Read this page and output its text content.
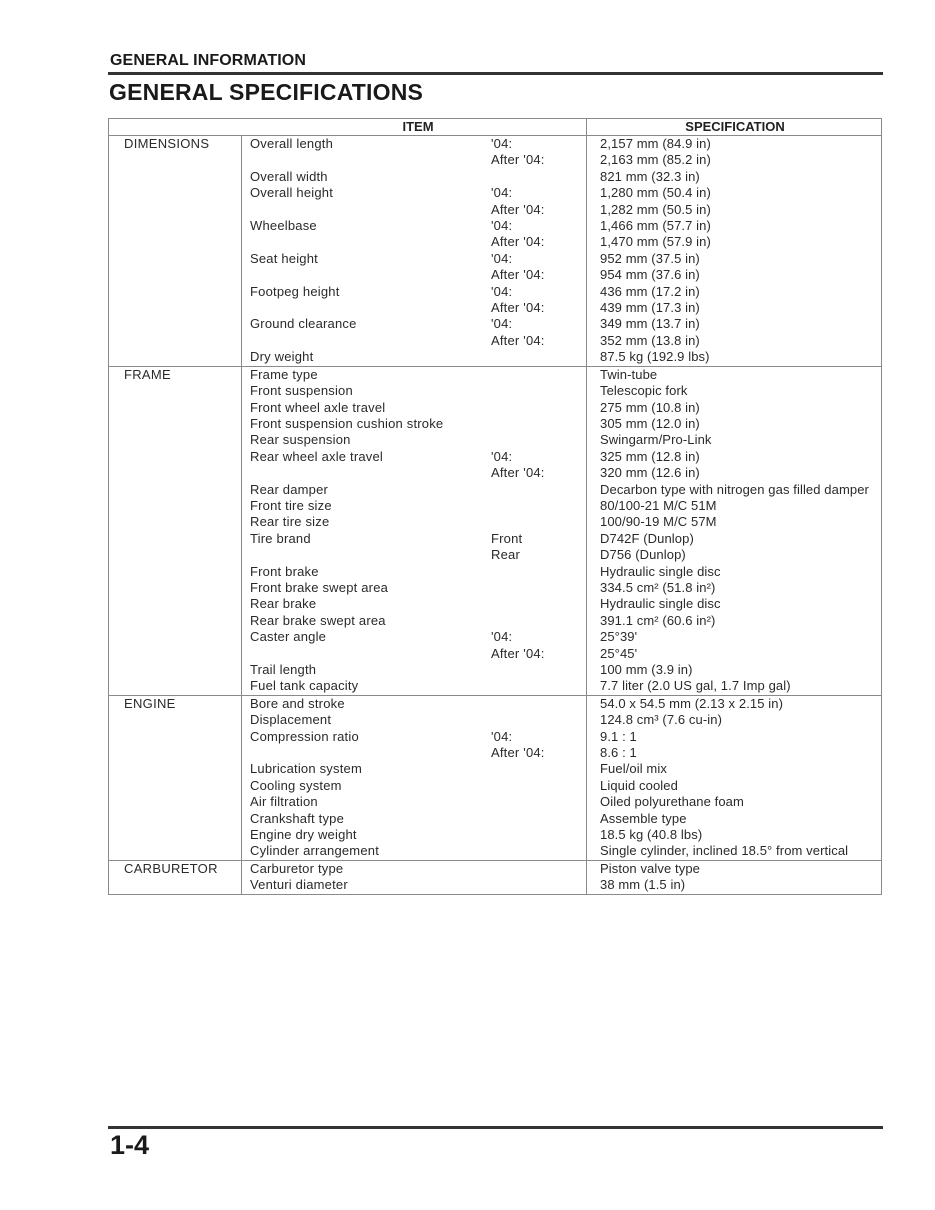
GENERAL INFORMATION
GENERAL SPECIFICATIONS
ITEM	SPECIFICATION
DIMENSIONS	Overall length	'04:	2,157 mm (84.9 in)
After '04:	2,163 mm (85.2 in)
Overall width	821 mm (32.3 in)
Overall height	'04:	1,280 mm (50.4 in)
After '04:	1,282 mm (50.5 in)
Wheelbase	'04:	1,466 mm (57.7 in)
After '04:	1,470 mm (57.9 in)
Seat height	'04:	952 mm (37.5 in)
After '04:	954 mm (37.6 in)
Footpeg height	'04:	436 mm (17.2 in)
After '04:	439 mm (17.3 in)
Ground clearance	'04:	349 mm (13.7 in)
After '04:	352 mm (13.8 in)
Dry weight	87.5 kg (192.9 lbs)
FRAME	Frame type	Twin-tube
Front suspension	Telescopic fork
Front wheel axle travel	275 mm (10.8 in)
Front suspension cushion stroke	305 mm (12.0 in)
Rear suspension	Swingarm/Pro-Link
Rear wheel axle travel	'04:	325 mm (12.8 in)
After '04:	320 mm (12.6 in)
Rear damper	Decarbon type with nitrogen gas filled damper
Front tire size	80/100-21 M/C 51M
Rear tire size	100/90-19 M/C 57M
Tire brand	Front	D742F (Dunlop)
Rear	D756 (Dunlop)
Front brake	Hydraulic single disc
Front brake swept area	334.5 cm² (51.8 in²)
Rear brake	Hydraulic single disc
Rear brake swept area	391.1 cm² (60.6 in²)
Caster angle	'04:	25°39'
After '04:	25°45'
Trail length	100 mm (3.9 in)
Fuel tank capacity	7.7 liter (2.0 US gal, 1.7 Imp gal)
ENGINE	Bore and stroke	54.0 x 54.5 mm (2.13 x 2.15 in)
Displacement	124.8 cm³ (7.6 cu-in)
Compression ratio	'04:	9.1 : 1
After '04:	8.6 : 1
Lubrication system	Fuel/oil mix
Cooling system	Liquid cooled
Air filtration	Oiled polyurethane foam
Crankshaft type	Assemble type
Engine dry weight	18.5 kg (40.8 lbs)
Cylinder arrangement	Single cylinder, inclined 18.5° from vertical
CARBURETOR Carburetor type	Piston valve type
Venturi diameter	38 mm (1.5 in)
1-4
